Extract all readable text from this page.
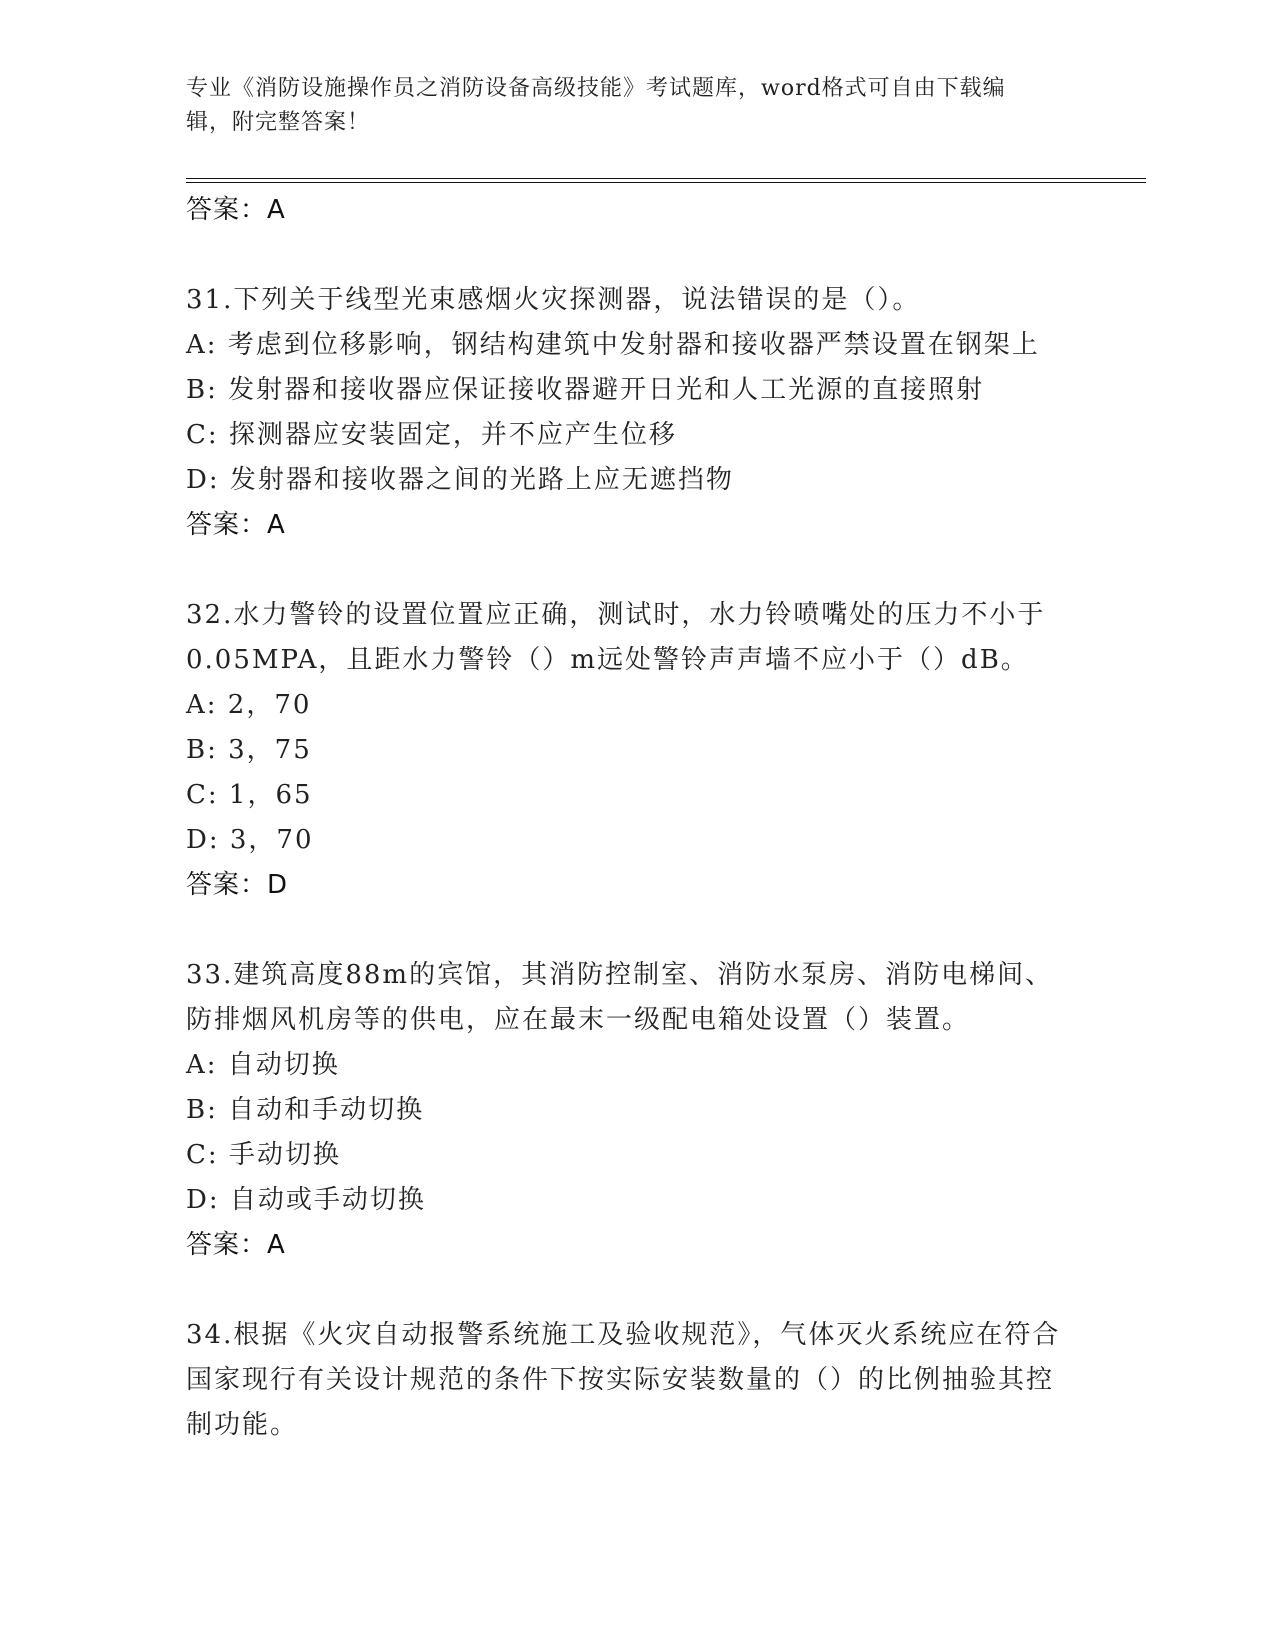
专业《消防设施操作员之消防设备高级技能》考试题库，word格式可自由下载编
辑，附完整答案！
答案：A
31.下列关于线型光束感烟火灾探测器，说法错误的是（）。
A: 考虑到位移影响，钢结构建筑中发射器和接收器严禁设置在钢架上
B: 发射器和接收器应保证接收器避开日光和人工光源的直接照射
C: 探测器应安装固定，并不应产生位移
D: 发射器和接收器之间的光路上应无遮挡物
答案：A
32.水力警铃的设置位置应正确，测试时，水力铃喷嘴处的压力不小于0.05MPA，且距水力警铃（）m远处警铃声声墙不应小于（）dB。
A: 2，70
B: 3，75
C: 1，65
D: 3，70
答案：D
33.建筑高度88m的宾馆，其消防控制室、消防水泵房、消防电梯间、防排烟风机房等的供电，应在最末一级配电箱处设置（）装置。
A: 自动切换
B: 自动和手动切换
C: 手动切换
D: 自动或手动切换
答案：A
34.根据《火灾自动报警系统施工及验收规范》，气体灭火系统应在符合国家现行有关设计规范的条件下按实际安装数量的（）的比例抽验其控制功能。
